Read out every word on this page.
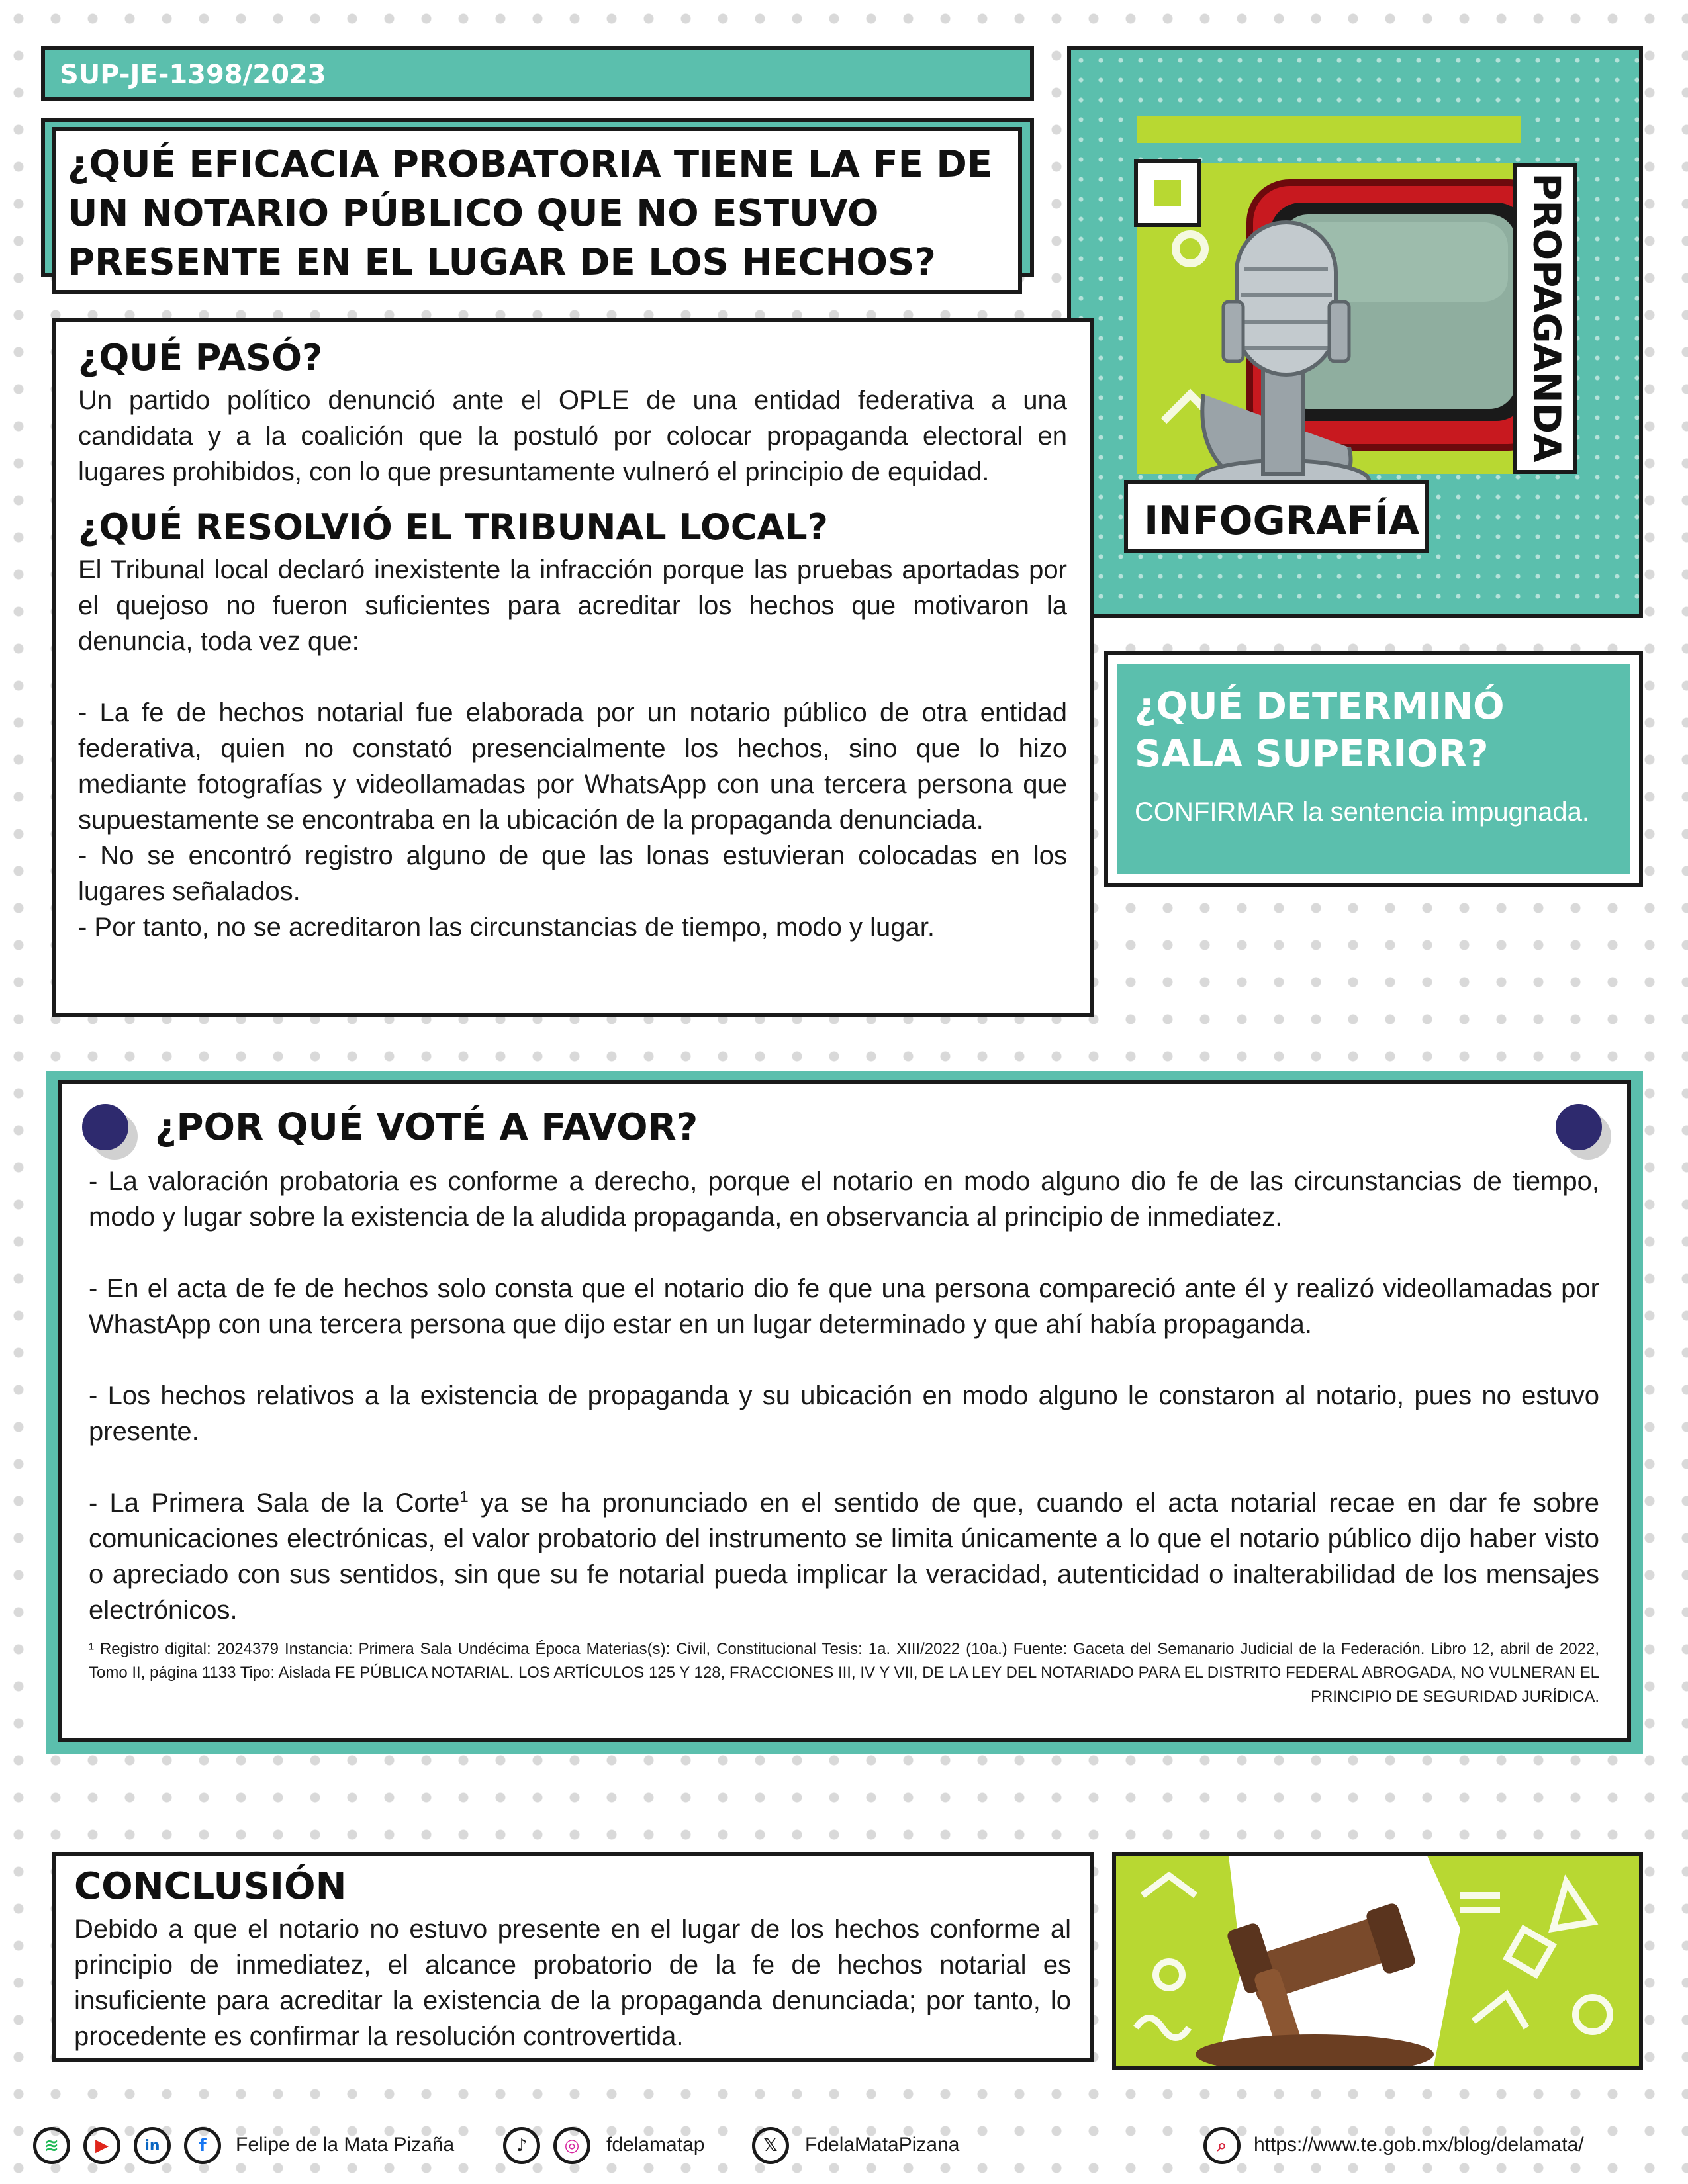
SUP-JE-1398/2023
¿QUÉ EFICACIA PROBATORIA TIENE LA FE DE UN NOTARIO PÚBLICO QUE NO ESTUVO PRESENTE EN EL LUGAR DE LOS HECHOS?	PROPAGANDA
INFOGRAFÍA
¿QUÉ PASÓ?

Un partido político denunció ante el OPLE de una entidad federativa a una candidata y a la coalición que la postuló por colocar propaganda electoral en lugares prohibidos, con lo que presuntamente vulneró el principio de equidad.

¿QUÉ RESOLVIÓ EL TRIBUNAL LOCAL?

El Tribunal local declaró inexistente la infracción porque las pruebas aportadas por el quejoso no fueron suficientes para acreditar los hechos que motivaron la denuncia, toda vez que:

- La fe de hechos notarial fue elaborada por un notario público de otra entidad federativa, quien no constató presencialmente los hechos, sino que lo hizo mediante fotografías y videollamadas por WhatsApp con una tercera persona que supuestamente se encontraba en la ubicación de la propaganda denunciada.

- No se encontró registro alguno de que las lonas estuvieran colocadas en los lugares señalados.

- Por tanto, no se acreditaron las circunstancias de tiempo, modo y lugar.

¿QUÉ DETERMINÓ SALA SUPERIOR?

CONFIRMAR la sentencia impugnada.

¿POR QUÉ VOTÉ A FAVOR?

- La valoración probatoria es conforme a derecho, porque el notario en modo alguno dio fe de las circunstancias de tiempo, modo y lugar sobre la existencia de la aludida propaganda, en observancia al principio de inmediatez.

- En el acta de fe de hechos solo consta que el notario dio fe que una persona compareció ante él y realizó videollamadas por WhastApp con una tercera persona que dijo estar en un lugar determinado y que ahí había propaganda.

- Los hechos relativos a la existencia de propaganda y su ubicación en modo alguno le constaron al notario, pues no estuvo presente.

- La Primera Sala de la Corte$^1$ ya se ha pronunciado en el sentido de que, cuando el acta notarial recae en dar fe sobre comunicaciones electrónicas, el valor probatorio del instrumento se limita únicamente a lo que el notario público dijo haber visto o apreciado con sus sentidos, sin que su fe notarial pueda implicar la veracidad, autenticidad o inalterabilidad de los mensajes electrónicos.

¹ Registro digital: 2024379 Instancia: Primera Sala Undécima Época Materias(s): Civil, Constitucional Tesis: 1a. XIII/2022 (10a.) Fuente: Gaceta del Semanario Judicial de la Federación. Libro 12, abril de 2022, Tomo II, página 1133 Tipo: Aislada FE PÚBLICA NOTARIAL. LOS ARTÍCULOS 125 Y 128, FRACCIONES III, IV Y VII, DE LA LEY DEL NOTARIADO PARA EL DISTRITO FEDERAL ABROGADA, NO VULNERAN EL PRINCIPIO DE SEGURIDAD JURÍDICA.

CONCLUSIÓN

Debido a que el notario no estuvo presente en el lugar de los hechos conforme al principio de inmediatez, el alcance probatorio de la fe de hechos notarial es insuficiente para acreditar la existencia de la propaganda denunciada; por tanto, lo procedente es confirmar la resolución controvertida.

≋	▶	in	f	Felipe de la Mata Pizaña	♪	◎	fdelamatap	𝕏	FdelaMataPizana	⌕	https://www.te.gob.mx/blog/delamata/
